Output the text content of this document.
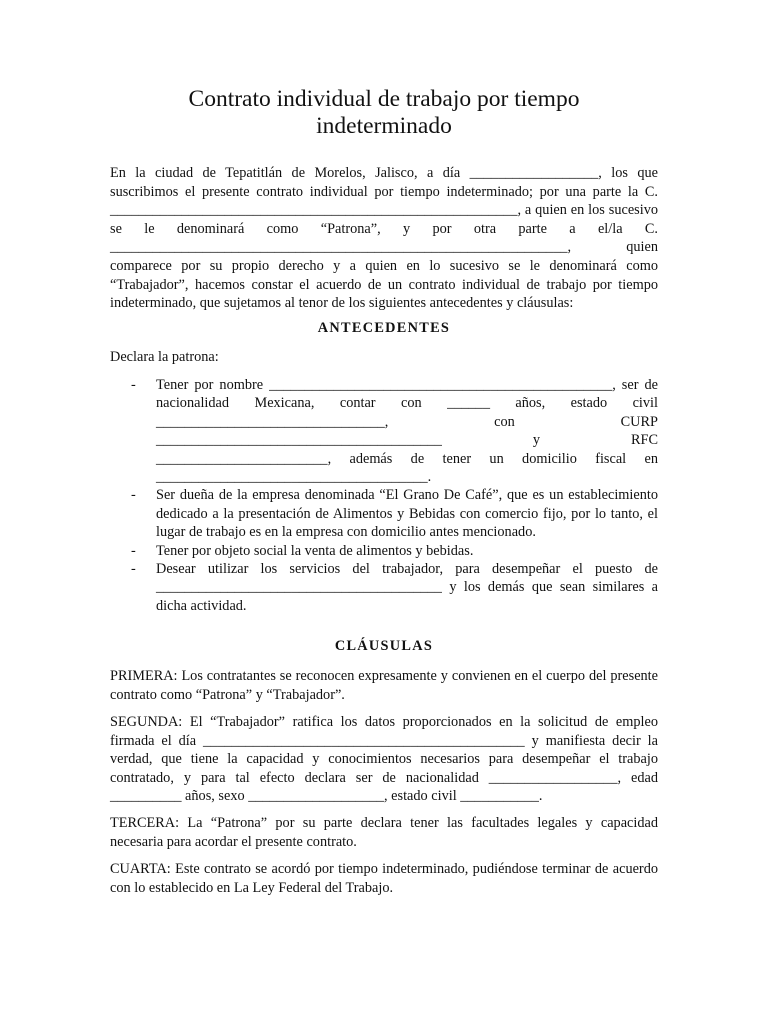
Contrato individual de trabajo por tiempo
indeterminado

En la ciudad de Tepatitlán de Morelos, Jalisco, a día __________________, los que suscribimos el presente contrato individual por tiempo indeterminado; por una parte la C. _________________________________________________________, a quien en los sucesivo se le denominará como “Patrona”, y por otra parte a el/la C. ________________________________________________________________, quien comparece por su propio derecho y a quien en lo sucesivo se le denominará como “Trabajador”, hacemos constar el acuerdo de un contrato individual de trabajo por tiempo indeterminado, que sujetamos al tenor de los siguientes antecedentes y cláusulas:

ANTECEDENTES

Declara la patrona:

- Tener por nombre ________________________________________________, ser de nacionalidad Mexicana, contar con ______ años, estado civil ________________________________, con CURP ________________________________________ y RFC ________________________, además de tener un domicilio fiscal en ______________________________________.
- Ser dueña de la empresa denominada “El Grano De Café”, que es un establecimiento dedicado a la presentación de Alimentos y Bebidas con comercio fijo, por lo tanto, el lugar de trabajo es en la empresa con domicilio antes mencionado.
- Tener por objeto social la venta de alimentos y bebidas.
- Desear utilizar los servicios del trabajador, para desempeñar el puesto de ________________________________________ y los demás que sean similares a dicha actividad.
CLÁUSULAS

PRIMERA: Los contratantes se reconocen expresamente y convienen en el cuerpo del presente contrato como “Patrona” y “Trabajador”.

SEGUNDA: El “Trabajador” ratifica los datos proporcionados en la solicitud de empleo firmada el día _____________________________________________ y manifiesta decir la verdad, que tiene la capacidad y conocimientos necesarios para desempeñar el trabajo contratado, y para tal efecto declara ser de nacionalidad __________________, edad __________ años, sexo ___________________, estado civil ___________.

TERCERA: La “Patrona” por su parte declara tener las facultades legales y capacidad necesaria para acordar el presente contrato.

CUARTA: Este contrato se acordó por tiempo indeterminado, pudiéndose terminar de acuerdo con lo establecido en La Ley Federal del Trabajo.
